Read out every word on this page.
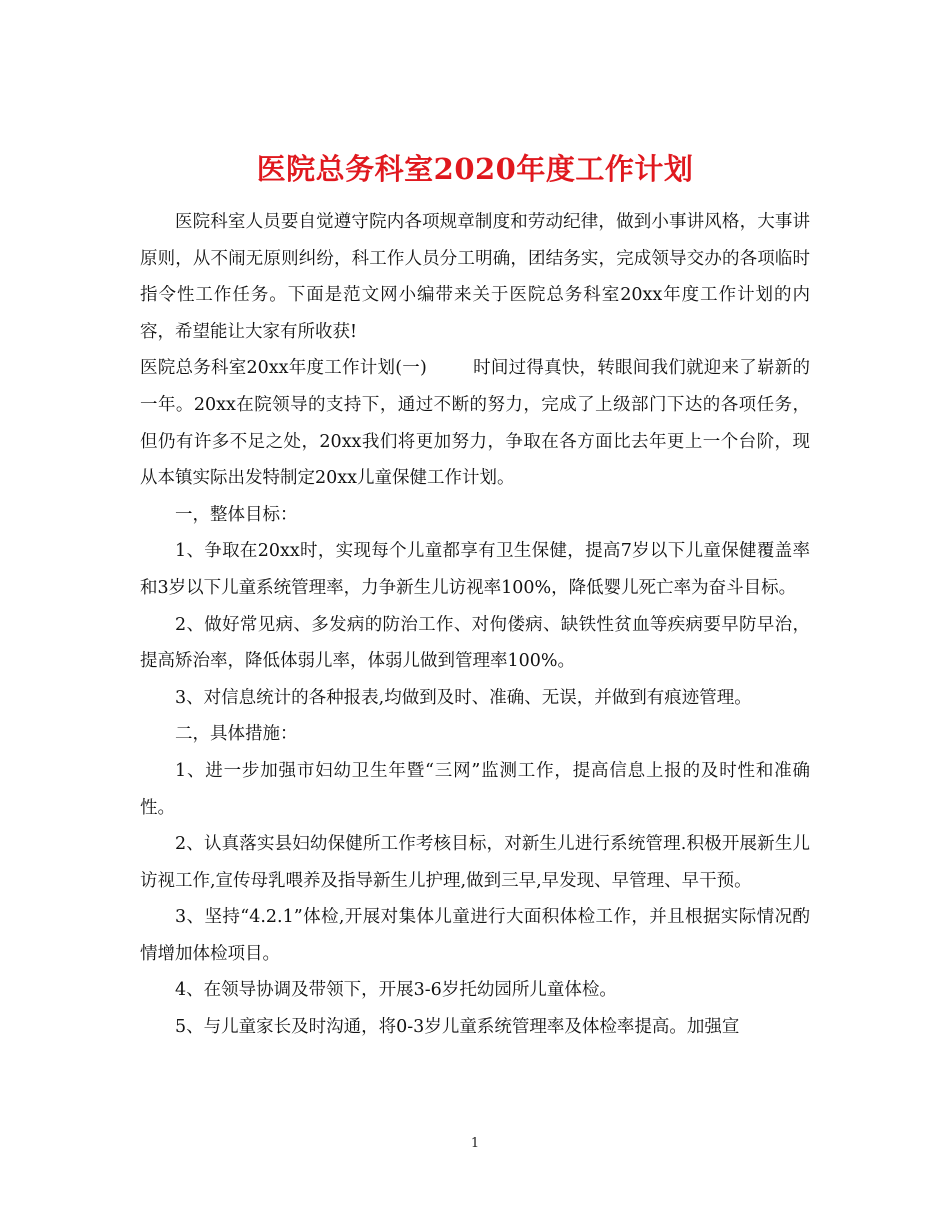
医院总务科室2020年度工作计划

医院科室人员要自觉遵守院内各项规章制度和劳动纪律，做到小事讲风格，大事讲原则，从不闹无原则纠纷，科工作人员分工明确，团结务实，完成领导交办的各项临时指令性工作任务。下面是范文网小编带来关于医院总务科室20xx年度工作计划的内容，希望能让大家有所收获!

医院总务科室20xx年度工作计划(一)	时间过得真快，转眼间我们就迎来了崭新的一年。20xx在院领导的支持下，通过不断的努力，完成了上级部门下达的各项任务，但仍有许多不足之处，20xx我们将更加努力，争取在各方面比去年更上一个台阶，现从本镇实际出发特制定20xx儿童保健工作计划。

一，整体目标：

1、争取在20xx时，实现每个儿童都享有卫生保健，提高7岁以下儿童保健覆盖率和3岁以下儿童系统管理率，力争新生儿访视率100%，降低婴儿死亡率为奋斗目标。

2、做好常见病、多发病的防治工作、对佝偻病、缺铁性贫血等疾病要早防早治，提高矫治率，降低体弱儿率，体弱儿做到管理率100%。

3、对信息统计的各种报表,均做到及时、准确、无误，并做到有痕迹管理。

二，具体措施：

1、进一步加强市妇幼卫生年暨“三网”监测工作，提高信息上报的及时性和准确性。

2、认真落实县妇幼保健所工作考核目标，对新生儿进行系统管理.积极开展新生儿访视工作,宣传母乳喂养及指导新生儿护理,做到三早,早发现、早管理、早干预。

3、坚持“4.2.1”体检,开展对集体儿童进行大面积体检工作，并且根据实际情况酌情增加体检项目。

4、在领导协调及带领下，开展3-6岁托幼园所儿童体检。

5、与儿童家长及时沟通，将0-3岁儿童系统管理率及体检率提高。加强宣

1
